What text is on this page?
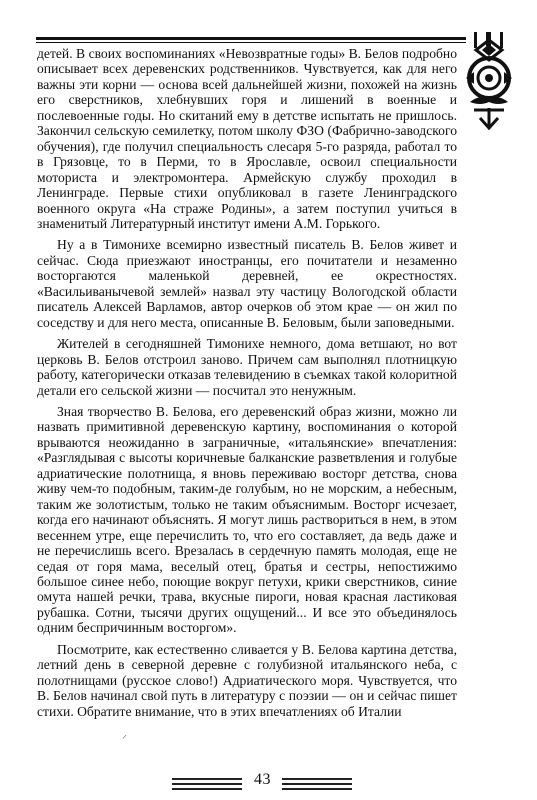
детей. В своих воспоминаниях «Невозвратные годы» В. Белов подробно описывает всех деревенских родственников. Чувствуется, как для него важны эти корни — основа всей дальнейшей жизни, похожей на жизнь его сверстников, хлебнувших горя и лишений в военные и послевоенные годы. Но скитаний ему в детстве испытать не пришлось. Закончил сельскую семилетку, потом школу ФЗО (Фабрично-заводского обучения), где получил специальность слесаря 5-го разряда, работал то в Грязовце, то в Перми, то в Ярославле, освоил специальности моториста и электромонтера. Армейскую службу проходил в Ленинграде. Первые стихи опубликовал в газете Ленинградского военного округа «На страже Родины», а затем поступил учиться в знаменитый Литературный институт имени А.М. Горького.

Ну а в Тимонихе всемирно известный писатель В. Белов живет и сейчас. Сюда приезжают иностранцы, его почитатели и незаменно восторгаются маленькой деревней, ее окрестностях. «Васильиванычевой землей» назвал эту частицу Вологодской области писатель Алексей Варламов, автор очерков об этом крае — он жил по соседству и для него места, описанные В. Беловым, были заповедными.

Жителей в сегодняшней Тимонихе немного, дома ветшают, но вот церковь В. Белов отстроил заново. Причем сам выполнял плотницкую работу, категорически отказав телевидению в съемках такой колоритной детали его сельской жизни — посчитал это ненужным.

Зная творчество В. Белова, его деревенский образ жизни, можно ли назвать примитивной деревенскую картину, воспоминания о которой врываются неожиданно в заграничные, «итальянские» впечатления: «Разглядывая с высоты коричневые балканские разветвления и голубые адриатические полотнища, я вновь переживаю восторг детства, снова живу чем-то подобным, таким-де голубым, но не морским, а небесным, таким же золотистым, только не таким объяснимым. Восторг исчезает, когда его начинают объяснять. Я могут лишь раствориться в нем, в этом весеннем утре, еще перечислить то, что его составляет, да ведь даже и не перечислишь всего. Врезалась в сердечную память молодая, еще не седая от горя мама, веселый отец, братья и сестры, непостижимо большое синее небо, поющие вокруг петухи, крики сверстников, синие омута нашей речки, трава, вкусные пироги, новая красная ластиковая рубашка. Сотни, тысячи других ощущений... И все это объединялось одним беспричинным восторгом».

Посмотрите, как естественно сливается у В. Белова картина детства, летний день в северной деревне с голубизной итальянского неба, с полотнищами (русское слово!) Адриатического моря. Чувствуется, что В. Белов начинал свой путь в литературу с поэзии — он и сейчас пишет стихи. Обратите внимание, что в этих впечатлениях об Италии

⸍
43
